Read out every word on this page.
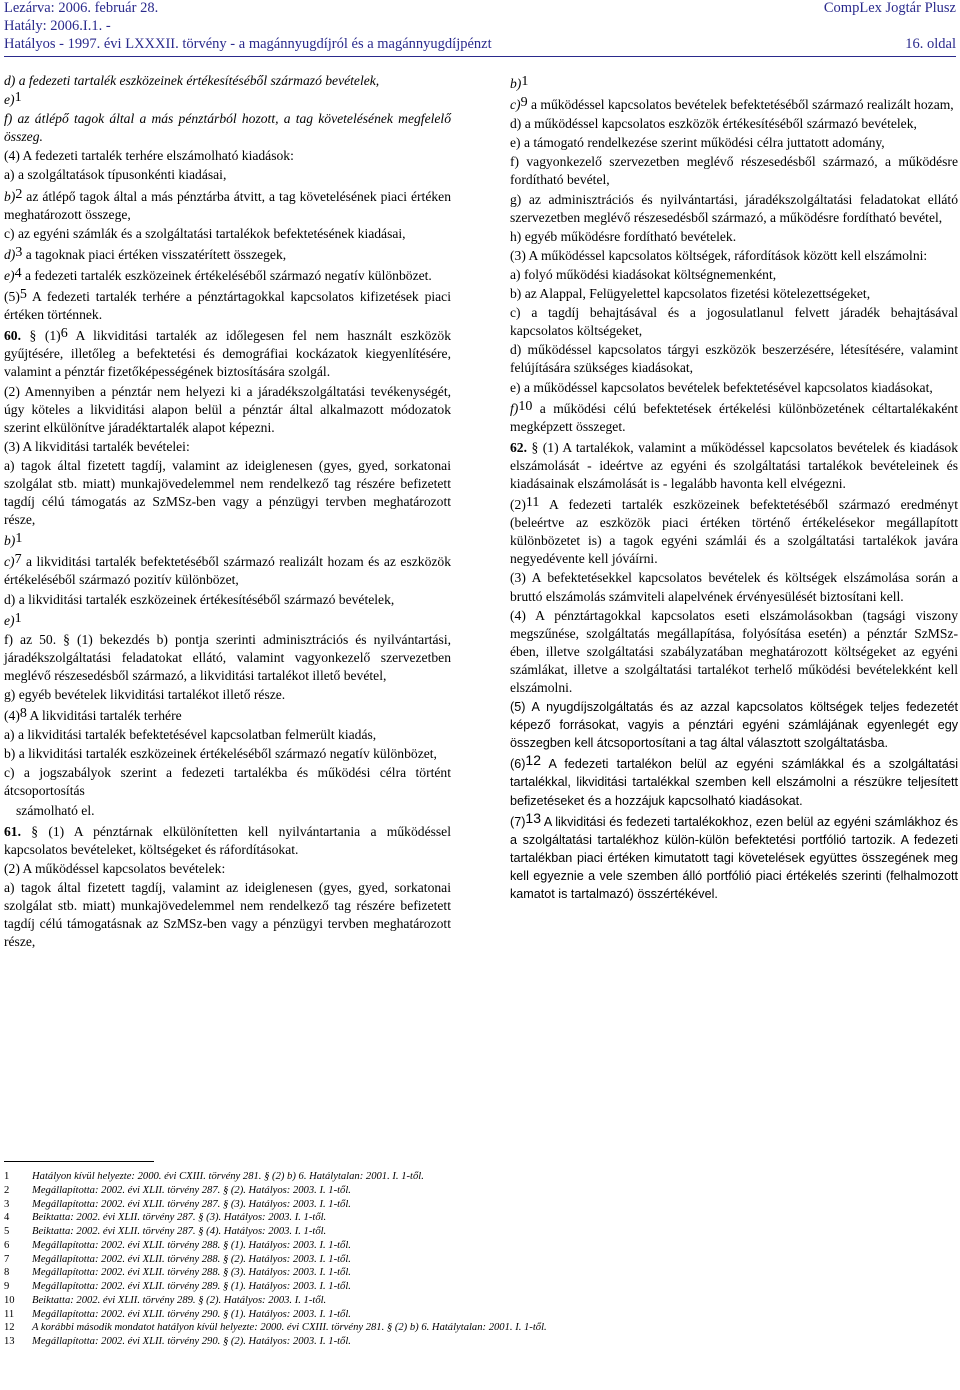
Lezárva: 2006. február 28.
Hatály: 2006.I.1. -
Hatályos - 1997. évi LXXXII. törvény - a magánnyugdíjról és a magánnyugdíjpénzt
CompLex Jogtár Plusz
16. oldal

d) a fedezeti tartalék eszközeinek értékesítéséből származó bevételek,

e)$^1$

f) az átlépő tagok által a más pénztárból hozott, a tag követelésének megfelelő összeg.

(4) A fedezeti tartalék terhére elszámolható kiadások:

a) a szolgáltatások típusonkénti kiadásai,

b)$^2$ az átlépő tagok által a más pénztárba átvitt, a tag követelésének piaci értéken meghatározott összege,

c) az egyéni számlák és a szolgáltatási tartalékok befektetésének kiadásai,

d)$^3$ a tagoknak piaci értéken visszatérített összegek,

e)$^4$ a fedezeti tartalék eszközeinek értékeléséből származó negatív különbözet.

(5)$^5$ A fedezeti tartalék terhére a pénztártagokkal kapcsolatos kifizetések piaci értéken történnek.

60. § (1)$^6$ A likviditási tartalék az időlegesen fel nem használt eszközök gyűjtésére, illetőleg a befektetési és demográfiai kockázatok kiegyenlítésére, valamint a pénztár fizetőképességének biztosítására szolgál.

(2) Amennyiben a pénztár nem helyezi ki a járadékszolgáltatási tevékenységét, úgy köteles a likviditási alapon belül a pénztár által alkalmazott módozatok szerint elkülönítve járadéktartalék alapot képezni.

(3) A likviditási tartalék bevételei:

a) tagok által fizetett tagdíj, valamint az ideiglenesen (gyes, gyed, sorkatonai szolgálat stb. miatt) munkajövedelemmel nem rendelkező tag részére befizetett tagdíj célú támogatás az SzMSz-ben vagy a pénzügyi tervben meghatározott része,

b)$^1$

c)$^7$ a likviditási tartalék befektetéséből származó realizált hozam és az eszközök értékeléséből származó pozitív különbözet,

d) a likviditási tartalék eszközeinek értékesítéséből származó bevételek,

e)$^1$

f) az 50. § (1) bekezdés b) pontja szerinti adminisztrációs és nyilvántartási, járadékszolgáltatási feladatokat ellátó, valamint vagyonkezelő szervezetben meglévő részesedésből származó, a likviditási tartalékot illető bevétel,

g) egyéb bevételek likviditási tartalékot illető része.

(4)$^8$ A likviditási tartalék terhére

a) a likviditási tartalék befektetésével kapcsolatban felmerült kiadás,

b) a likviditási tartalék eszközeinek értékeléséből származó negatív különbözet,

c) a jogszabályok szerint a fedezeti tartalékba és működési célra történt átcsoportosítás

számolható el.

61. § (1) A pénztárnak elkülönítetten kell nyilvántartania a működéssel kapcsolatos bevételeket, költségeket és ráfordításokat.

(2) A működéssel kapcsolatos bevételek:

a) tagok által fizetett tagdíj, valamint az ideiglenesen (gyes, gyed, sorkatonai szolgálat stb. miatt) munkajövedelemmel nem rendelkező tag részére befizetett tagdíj célú támogatásnak az SzMSz-ben vagy a pénzügyi tervben meghatározott része,

b)$^1$

c)$^9$ a működéssel kapcsolatos bevételek befektetéséből származó realizált hozam,

d) a működéssel kapcsolatos eszközök értékesítéséből származó bevételek,

e) a támogató rendelkezése szerint működési célra juttatott adomány,

f) vagyonkezelő szervezetben meglévő részesedésből származó, a működésre fordítható bevétel,

g) az adminisztrációs és nyilvántartási, járadékszolgáltatási feladatokat ellátó szervezetben meglévő részesedésből származó, a működésre fordítható bevétel,

h) egyéb működésre fordítható bevételek.

(3) A működéssel kapcsolatos költségek, ráfordítások között kell elszámolni:

a) folyó működési kiadásokat költségnemenként,

b) az Alappal, Felügyelettel kapcsolatos fizetési kötelezettségeket,

c) a tagdíj behajtásával és a jogosulatlanul felvett járadék behajtásával kapcsolatos költségeket,

d) működéssel kapcsolatos tárgyi eszközök beszerzésére, létesítésére, valamint felújítására szükséges kiadásokat,

e) a működéssel kapcsolatos bevételek befektetésével kapcsolatos kiadásokat,

f)$^{10}$ a működési célú befektetések értékelési különbözetének céltartalékaként megképzett összeget.

62. § (1) A tartalékok, valamint a működéssel kapcsolatos bevételek és kiadások elszámolását - ideértve az egyéni és szolgáltatási tartalékok bevételeinek és kiadásainak elszámolását is - legalább havonta kell elvégezni.

(2)$^{11}$ A fedezeti tartalék eszközeinek befektetéséből származó eredményt (beleértve az eszközök piaci értéken történő értékelésekor megállapított különbözetet is) a tagok egyéni számlái és a szolgáltatási tartalékok javára negyedévente kell jóváírni.

(3) A befektetésekkel kapcsolatos bevételek és költségek elszámolása során a bruttó elszámolás számviteli alapelvének érvényesülését biztosítani kell.

(4) A pénztártagokkal kapcsolatos eseti elszámolásokban (tagsági viszony megszűnése, szolgáltatás megállapítása, folyósítása esetén) a pénztár SzMSz-ében, illetve szolgáltatási szabályzatában meghatározott költségeket az egyéni számlákat, illetve a szolgáltatási tartalékot terhelő működési bevételekként kell elszámolni.

(5) A nyugdíjszolgáltatás és az azzal kapcsolatos költségek teljes fedezetét képező forrásokat, vagyis a pénztári egyéni számlájának egyenlegét egy összegben kell átcsoportosítani a tag által választott szolgáltatásba.

(6)$^{12}$ A fedezeti tartalékon belül az egyéni számlákkal és a szolgáltatási tartalékkal, likviditási tartalékkal szemben kell elszámolni a részükre teljesített befizetéseket és a hozzájuk kapcsolható kiadásokat.

(7)$^{13}$ A likviditási és fedezeti tartalékokhoz, ezen belül az egyéni számlákhoz és a szolgáltatási tartalékhoz külön-külön befektetési portfólió tartozik. A fedezeti tartalékban piaci értéken kimutatott tagi követelések együttes összegének meg kell egyeznie a vele szemben álló portfólió piaci értékelés szerinti (felhalmozott kamatot is tartalmazó) összértékével.

1 Hatályon kívül helyezte: 2000. évi CXIII. törvény 281. § (2) b) 6. Hatálytalan: 2001. I. 1-től.
2 Megállapította: 2002. évi XLII. törvény 287. § (2). Hatályos: 2003. I. 1-től.
3 Megállapította: 2002. évi XLII. törvény 287. § (3). Hatályos: 2003. I. 1-től.
4 Beiktatta: 2002. évi XLII. törvény 287. § (3). Hatályos: 2003. I. 1-től.
5 Beiktatta: 2002. évi XLII. törvény 287. § (4). Hatályos: 2003. I. 1-től.
6 Megállapította: 2002. évi XLII. törvény 288. § (1). Hatályos: 2003. I. 1-től.
7 Megállapította: 2002. évi XLII. törvény 288. § (2). Hatályos: 2003. I. 1-től.
8 Megállapította: 2002. évi XLII. törvény 288. § (3). Hatályos: 2003. I. 1-től.
9 Megállapította: 2002. évi XLII. törvény 289. § (1). Hatályos: 2003. I. 1-től.
10 Beiktatta: 2002. évi XLII. törvény 289. § (2). Hatályos: 2003. I. 1-től.
11 Megállapította: 2002. évi XLII. törvény 290. § (1). Hatályos: 2003. I. 1-től.
12 A korábbi második mondatot hatályon kívül helyezte: 2000. évi CXIII. törvény 281. § (2) b) 6. Hatálytalan: 2001. I. 1-től.
13 Megállapította: 2002. évi XLII. törvény 290. § (2). Hatályos: 2003. I. 1-től.
